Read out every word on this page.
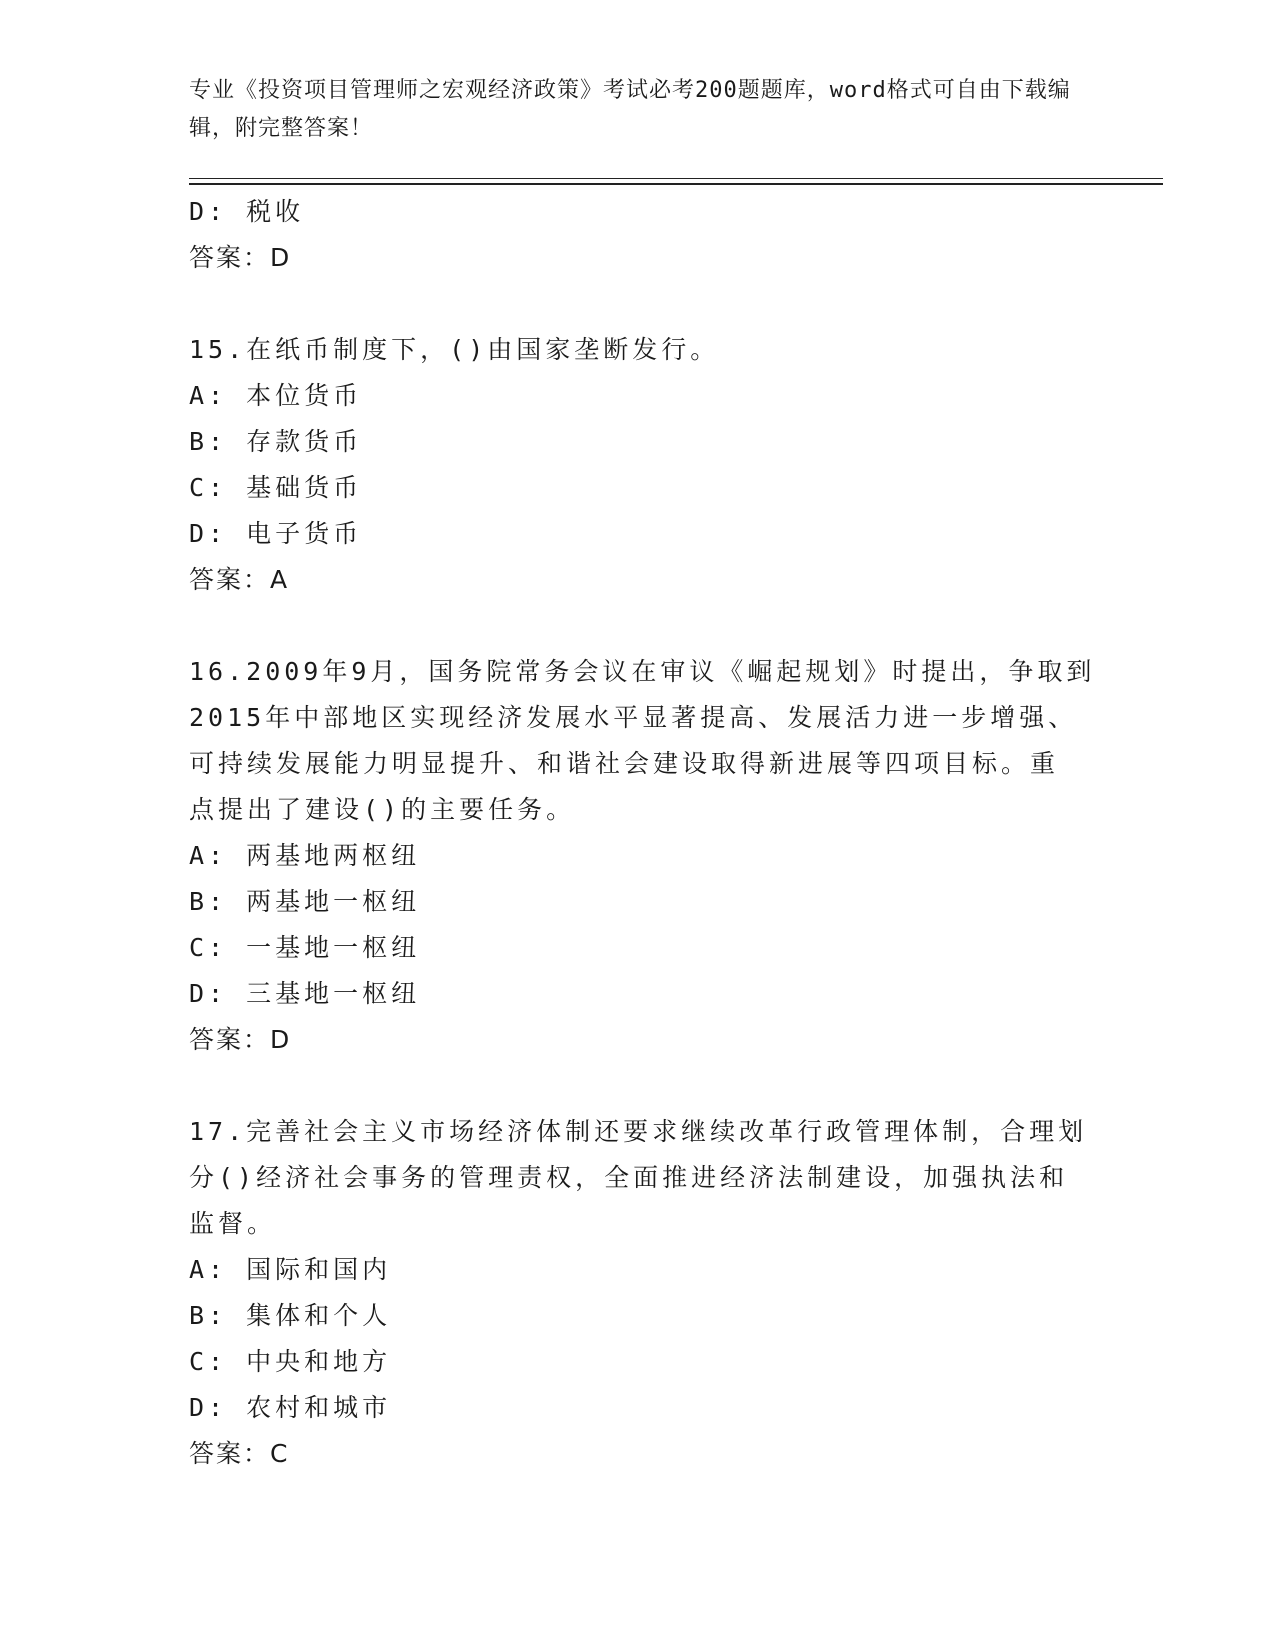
专业《投资项目管理师之宏观经济政策》考试必考200题题库，word格式可自由下载编辑，附完整答案！
D: 税收
答案：D
15.在纸币制度下，()由国家垄断发行。
A: 本位货币
B: 存款货币
C: 基础货币
D: 电子货币
答案：A
16.2009年9月，国务院常务会议在审议《崛起规划》时提出，争取到
2015年中部地区实现经济发展水平显著提高、发展活力进一步增强、
可持续发展能力明显提升、和谐社会建设取得新进展等四项目标。重
点提出了建设()的主要任务。
A: 两基地两枢纽
B: 两基地一枢纽
C: 一基地一枢纽
D: 三基地一枢纽
答案：D
17.完善社会主义市场经济体制还要求继续改革行政管理体制，合理划
分()经济社会事务的管理责权，全面推进经济法制建设，加强执法和
监督。
A: 国际和国内
B: 集体和个人
C: 中央和地方
D: 农村和城市
答案：C
